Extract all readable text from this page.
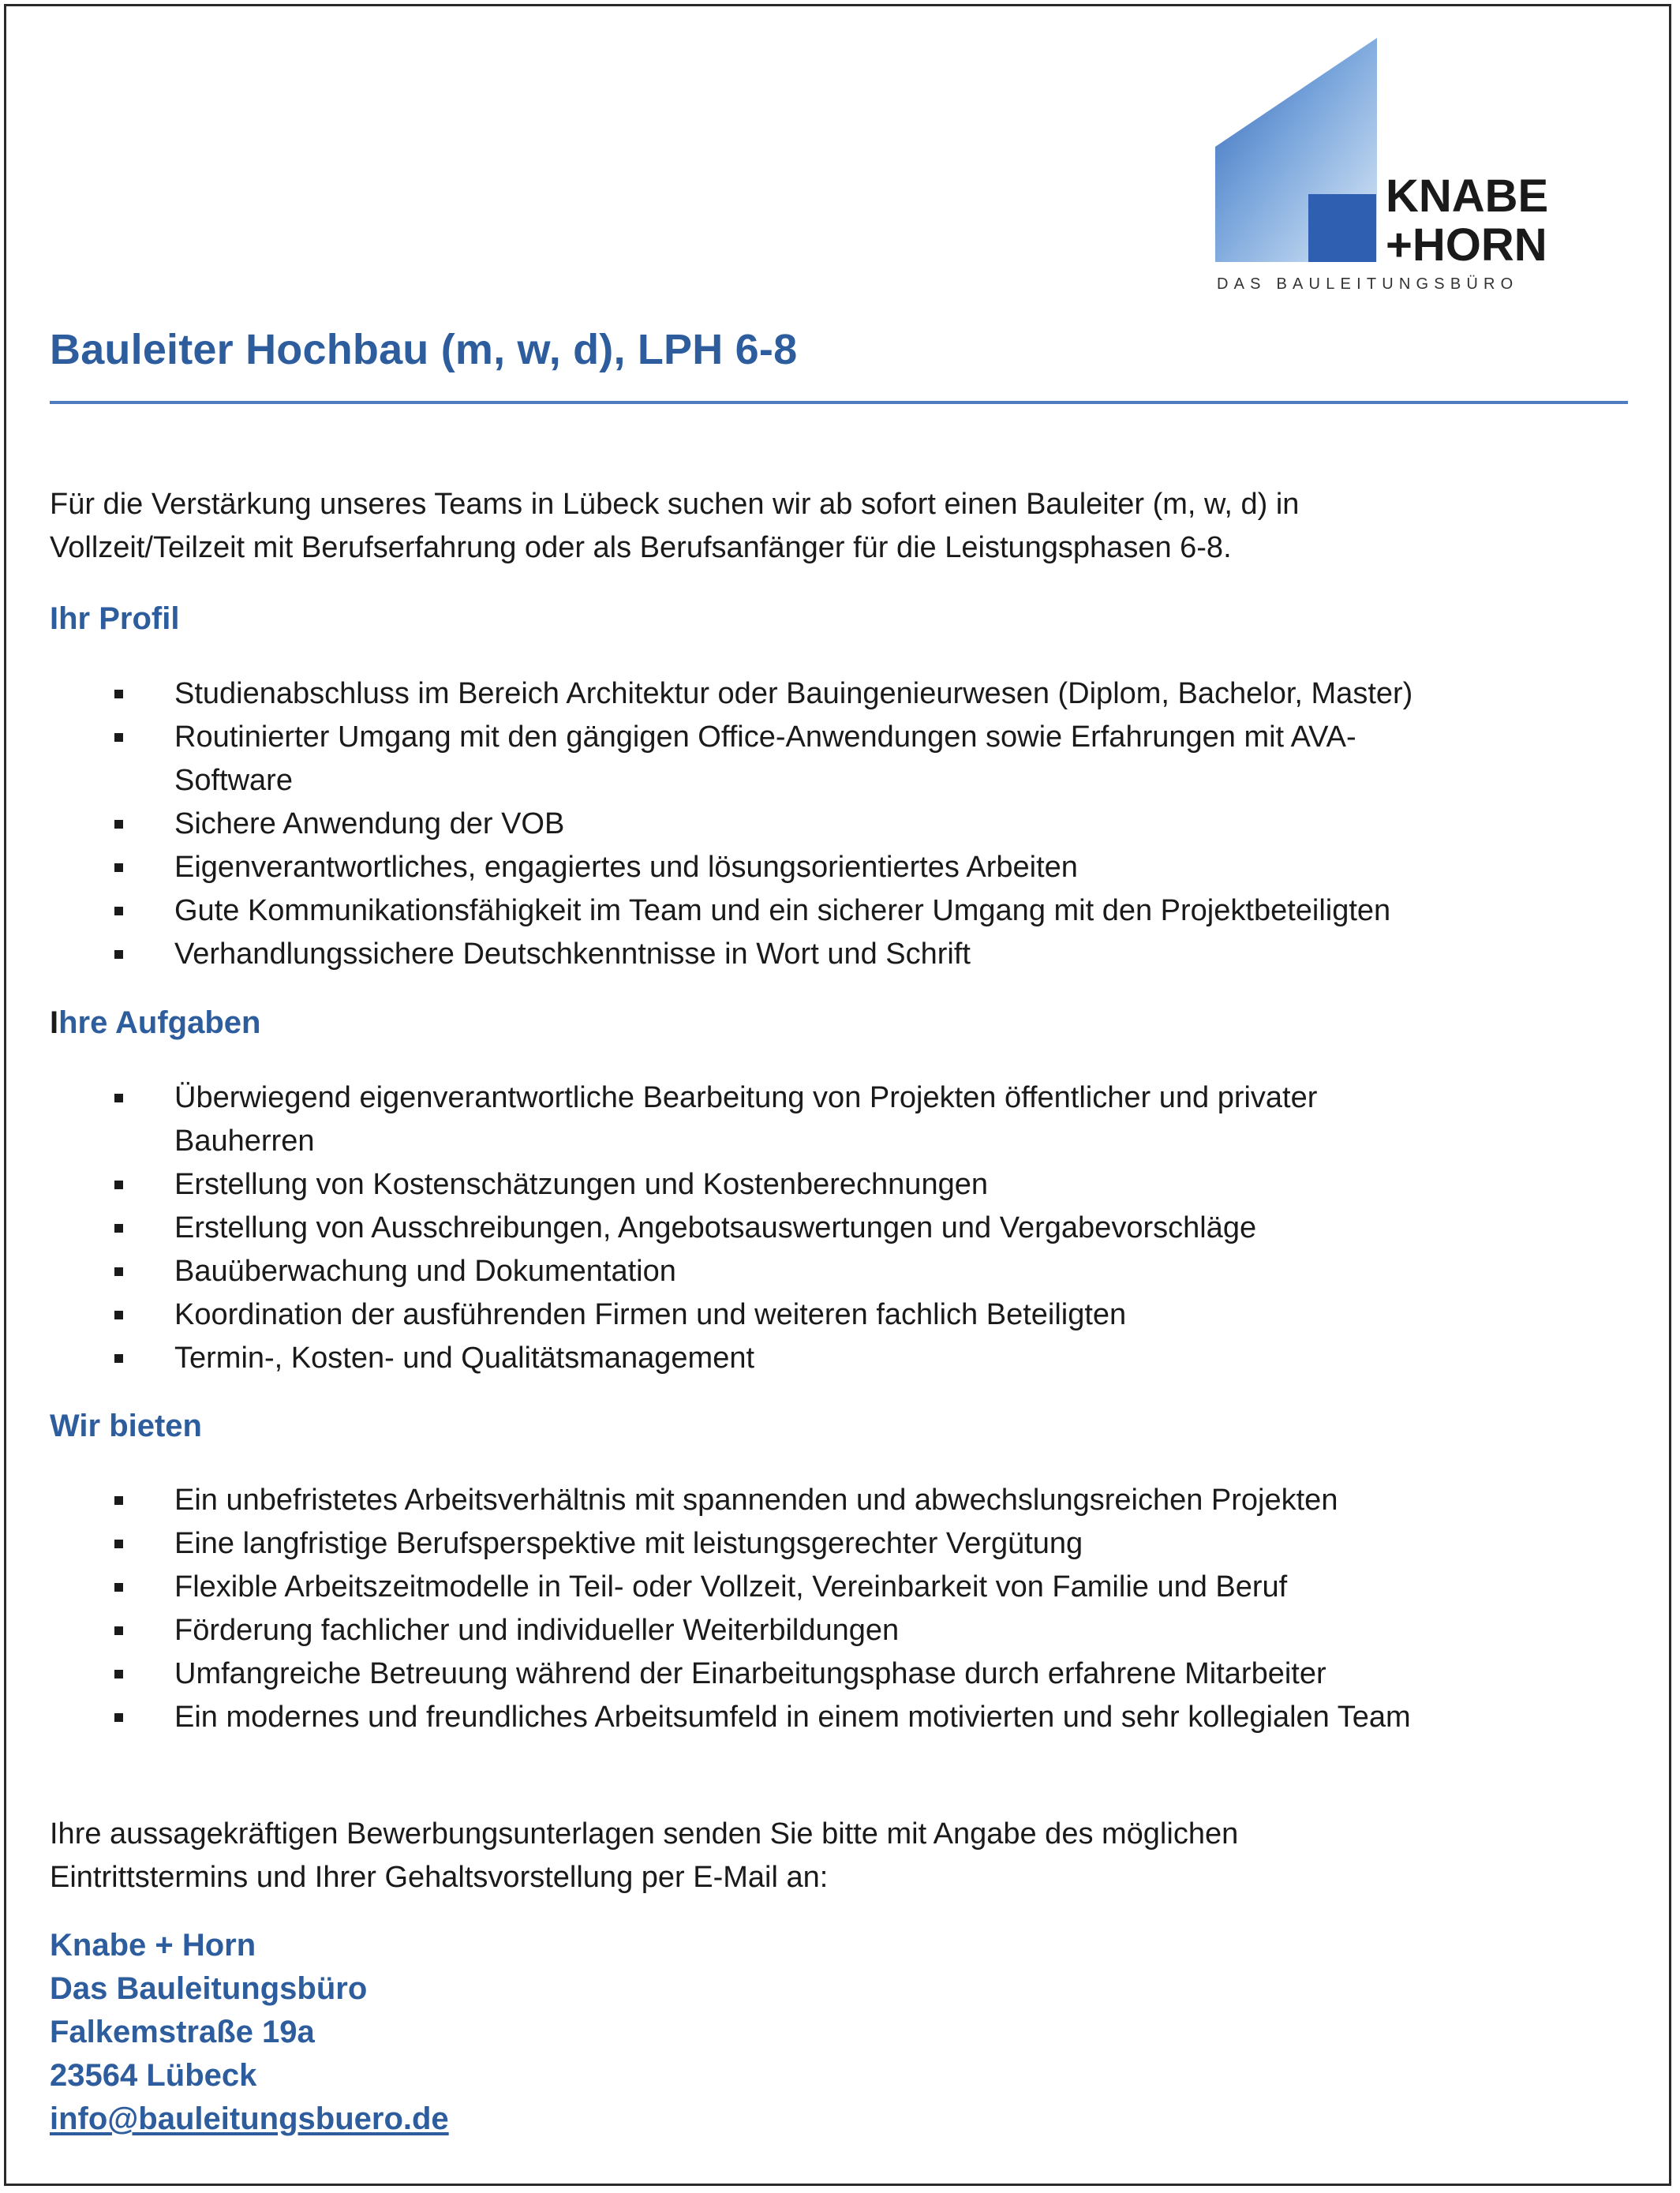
KNABE
+HORN
DAS BAULEITUNGSBÜRO
Bauleiter Hochbau (m, w, d), LPH 6-8

Für die Verstärkung unseres Teams in Lübeck suchen wir ab sofort einen Bauleiter (m, w, d) in
Vollzeit/Teilzeit mit Berufserfahrung oder als Berufsanfänger für die Leistungsphasen 6-8.

Ihr Profil
Studienabschluss im Bereich Architektur oder Bauingenieurwesen (Diplom, Bachelor, Master)
Routinierter Umgang mit den gängigen Office-Anwendungen sowie Erfahrungen mit AVA-
Software
Sichere Anwendung der VOB
Eigenverantwortliches, engagiertes und lösungsorientiertes Arbeiten
Gute Kommunikationsfähigkeit im Team und ein sicherer Umgang mit den Projektbeteiligten
Verhandlungssichere Deutschkenntnisse in Wort und Schrift
Ihre Aufgaben
Überwiegend eigenverantwortliche Bearbeitung von Projekten öffentlicher und privater
Bauherren
Erstellung von Kostenschätzungen und Kostenberechnungen
Erstellung von Ausschreibungen, Angebotsauswertungen und Vergabevorschläge
Bauüberwachung und Dokumentation
Koordination der ausführenden Firmen und weiteren fachlich Beteiligten
Termin-, Kosten- und Qualitätsmanagement
Wir bieten
Ein unbefristetes Arbeitsverhältnis mit spannenden und abwechslungsreichen Projekten
Eine langfristige Berufsperspektive mit leistungsgerechter Vergütung
Flexible Arbeitszeitmodelle in Teil- oder Vollzeit, Vereinbarkeit von Familie und Beruf
Förderung fachlicher und individueller Weiterbildungen
Umfangreiche Betreuung während der Einarbeitungsphase durch erfahrene Mitarbeiter
Ein modernes und freundliches Arbeitsumfeld in einem motivierten und sehr kollegialen Team

Ihre aussagekräftigen Bewerbungsunterlagen senden Sie bitte mit Angabe des möglichen
Eintrittstermins und Ihrer Gehaltsvorstellung per E-Mail an:

Knabe + Horn
Das Bauleitungsbüro
Falkemstraße 19a
23564 Lübeck
info@bauleitungsbuero.de
